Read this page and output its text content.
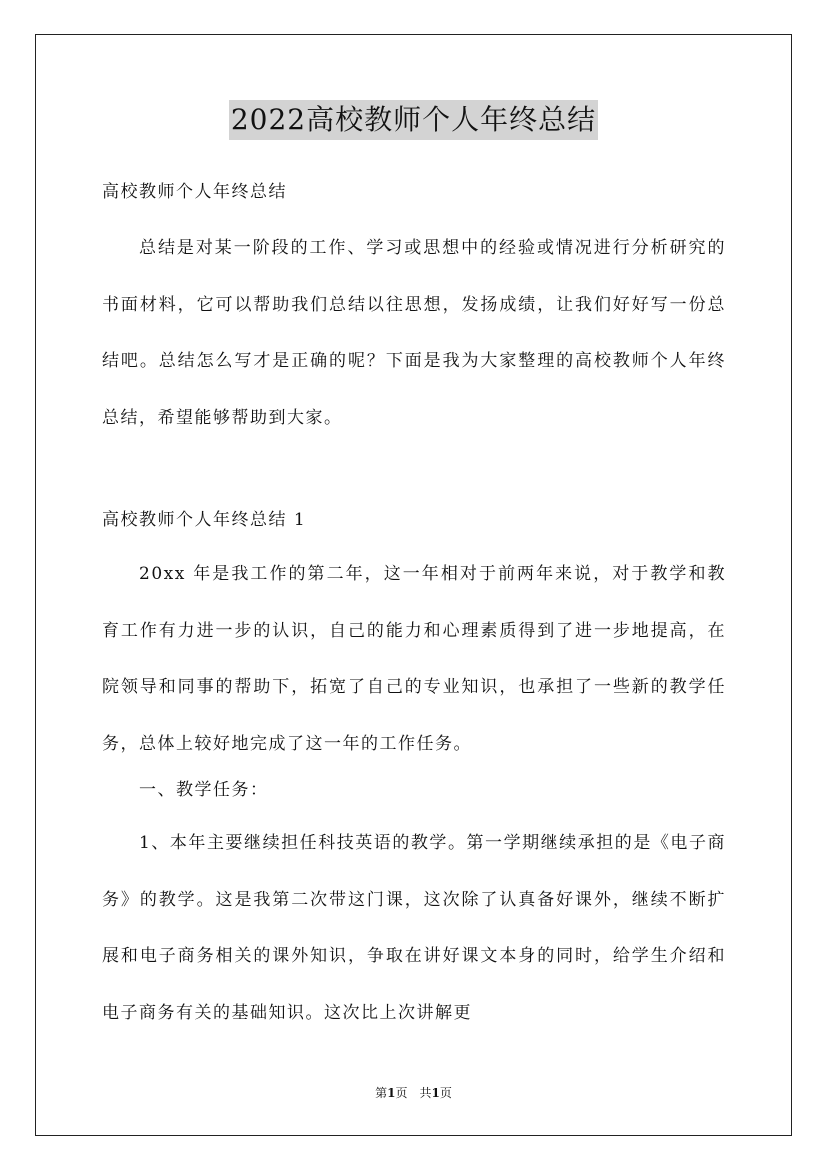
2022高校教师个人年终总结

高校教师个人年终总结

总结是对某一阶段的工作、学习或思想中的经验或情况进行分析研究的书面材料，它可以帮助我们总结以往思想，发扬成绩，让我们好好写一份总结吧。总结怎么写才是正确的呢？下面是我为大家整理的高校教师个人年终总结，希望能够帮助到大家。

高校教师个人年终总结 1

20xx 年是我工作的第二年，这一年相对于前两年来说，对于教学和教育工作有力进一步的认识，自己的能力和心理素质得到了进一步地提高，在院领导和同事的帮助下，拓宽了自己的专业知识，也承担了一些新的教学任务，总体上较好地完成了这一年的工作任务。

一、教学任务：

1、本年主要继续担任科技英语的教学。第一学期继续承担的是《电子商务》的教学。这是我第二次带这门课，这次除了认真备好课外，继续不断扩展和电子商务相关的课外知识，争取在讲好课文本身的同时，给学生介绍和电子商务有关的基础知识。这次比上次讲解更

第1页　共1页
